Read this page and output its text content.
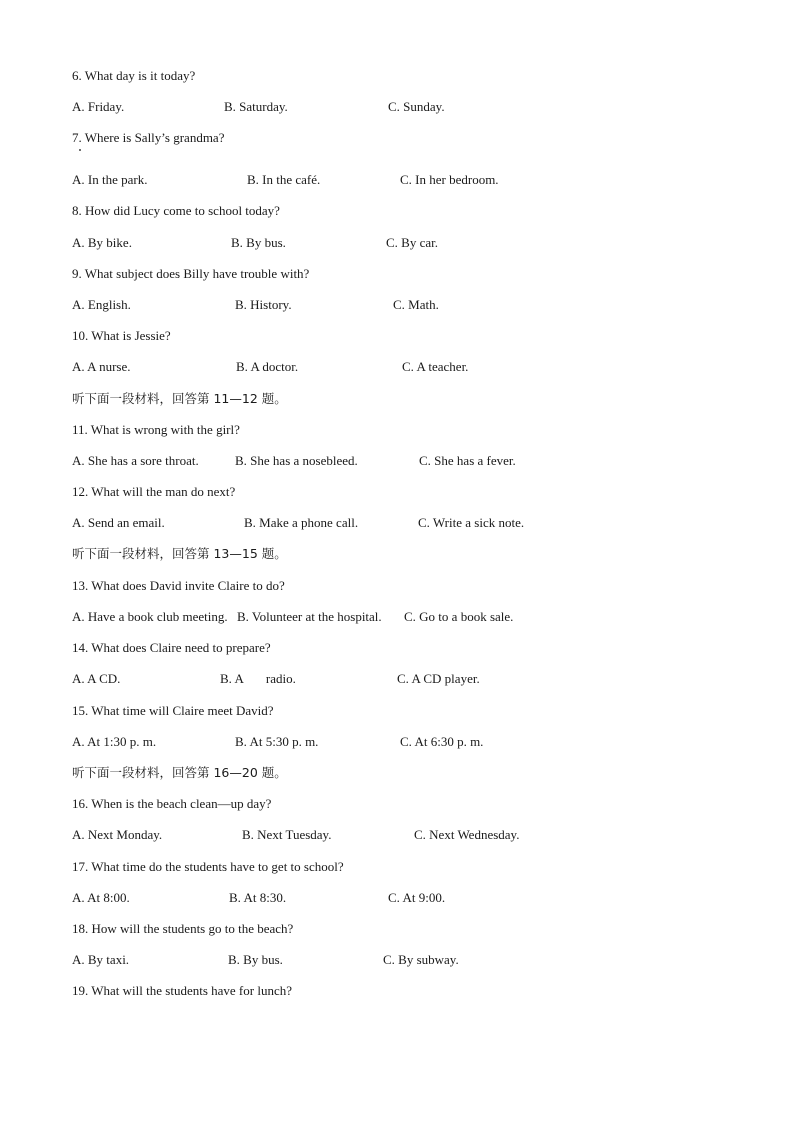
6. What day is it today?
A. Friday.	B. Saturday.	C. Sunday.
7. Where is Sally’s grandma?
A. In the park.	B. In the café.	C. In her bedroom.
8. How did Lucy come to school today?
A. By bike.	B. By bus.	C. By car.
9. What subject does Billy have trouble with?
A. English.	B. History.	C. Math.
10. What is Jessie?
A. A nurse.	B. A doctor.	C. A teacher.
听下面一段材料，回答第 11—12 题。
11. What is wrong with the girl?
A. She has a sore throat.	B. She has a nosebleed.	C. She has a fever.
12. What will the man do next?
A. Send an email.	B. Make a phone call.	C. Write a sick note.
听下面一段材料，回答第 13—15 题。
13. What does David invite Claire to do?
A. Have a book club meeting. B. Volunteer at the hospital. C. Go to a book sale.
14. What does Claire need to prepare?
A. A CD.	B. A       radio.	C. A CD player.
15. What time will Claire meet David?
A. At 1:30 p. m.	B. At 5:30 p. m.	C. At 6:30 p. m.
听下面一段材料，回答第 16—20 题。
16. When is the beach clean—up day?
A. Next Monday.	B. Next Tuesday.	C. Next Wednesday.
17. What time do the students have to get to school?
A. At 8:00.	B. At 8:30.	C. At 9:00.
18. How will the students go to the beach?
A. By taxi.	B. By bus.	C. By subway.
19. What will the students have for lunch?
